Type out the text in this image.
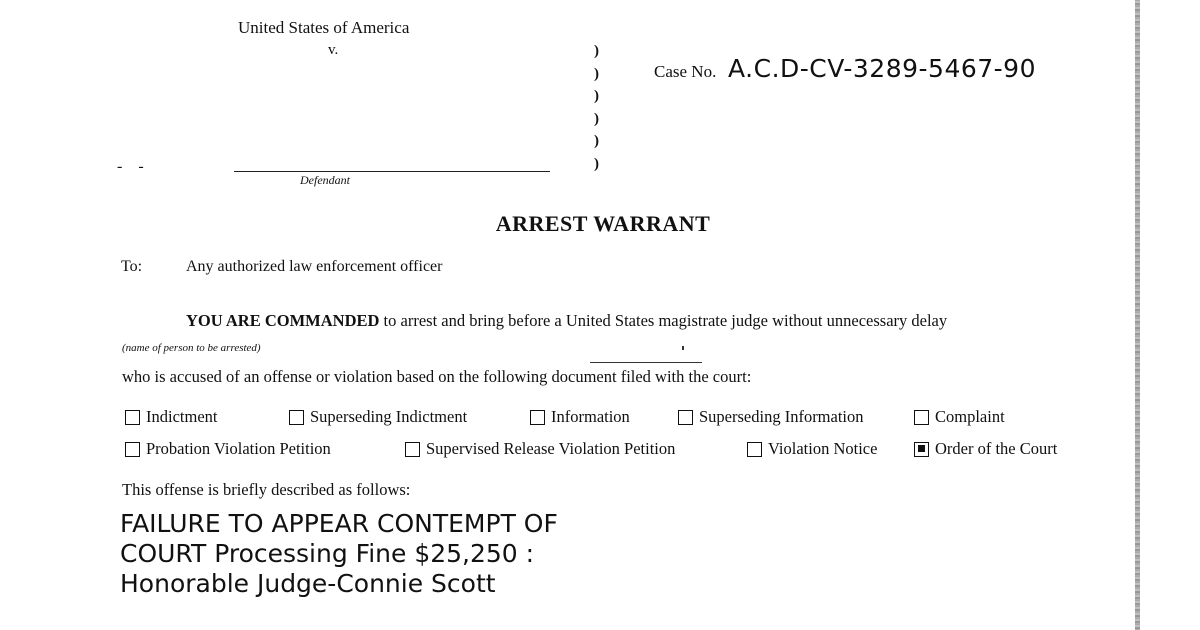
United States of America
v.	)
)
)
)
)
)
Case No. A.C.D-CV-3289-5467-90
- -
Defendant
ARREST WARRANT
To:	Any authorized law enforcement officer
YOU ARE COMMANDED to arrest and bring before a United States magistrate judge without unnecessary delay
(name of person to be arrested)
who is accused of an offense or violation based on the following document filed with the court:
Indictment	Superseding Indictment	Information	Superseding Information	Complaint
Probation Violation Petition	Supervised Release Violation Petition	Violation Notice	Order of the Court
This offense is briefly described as follows:
FAILURE TO APPEAR CONTEMPT OF
COURT Processing Fine $25,250 :
Honorable Judge-Connie Scott
